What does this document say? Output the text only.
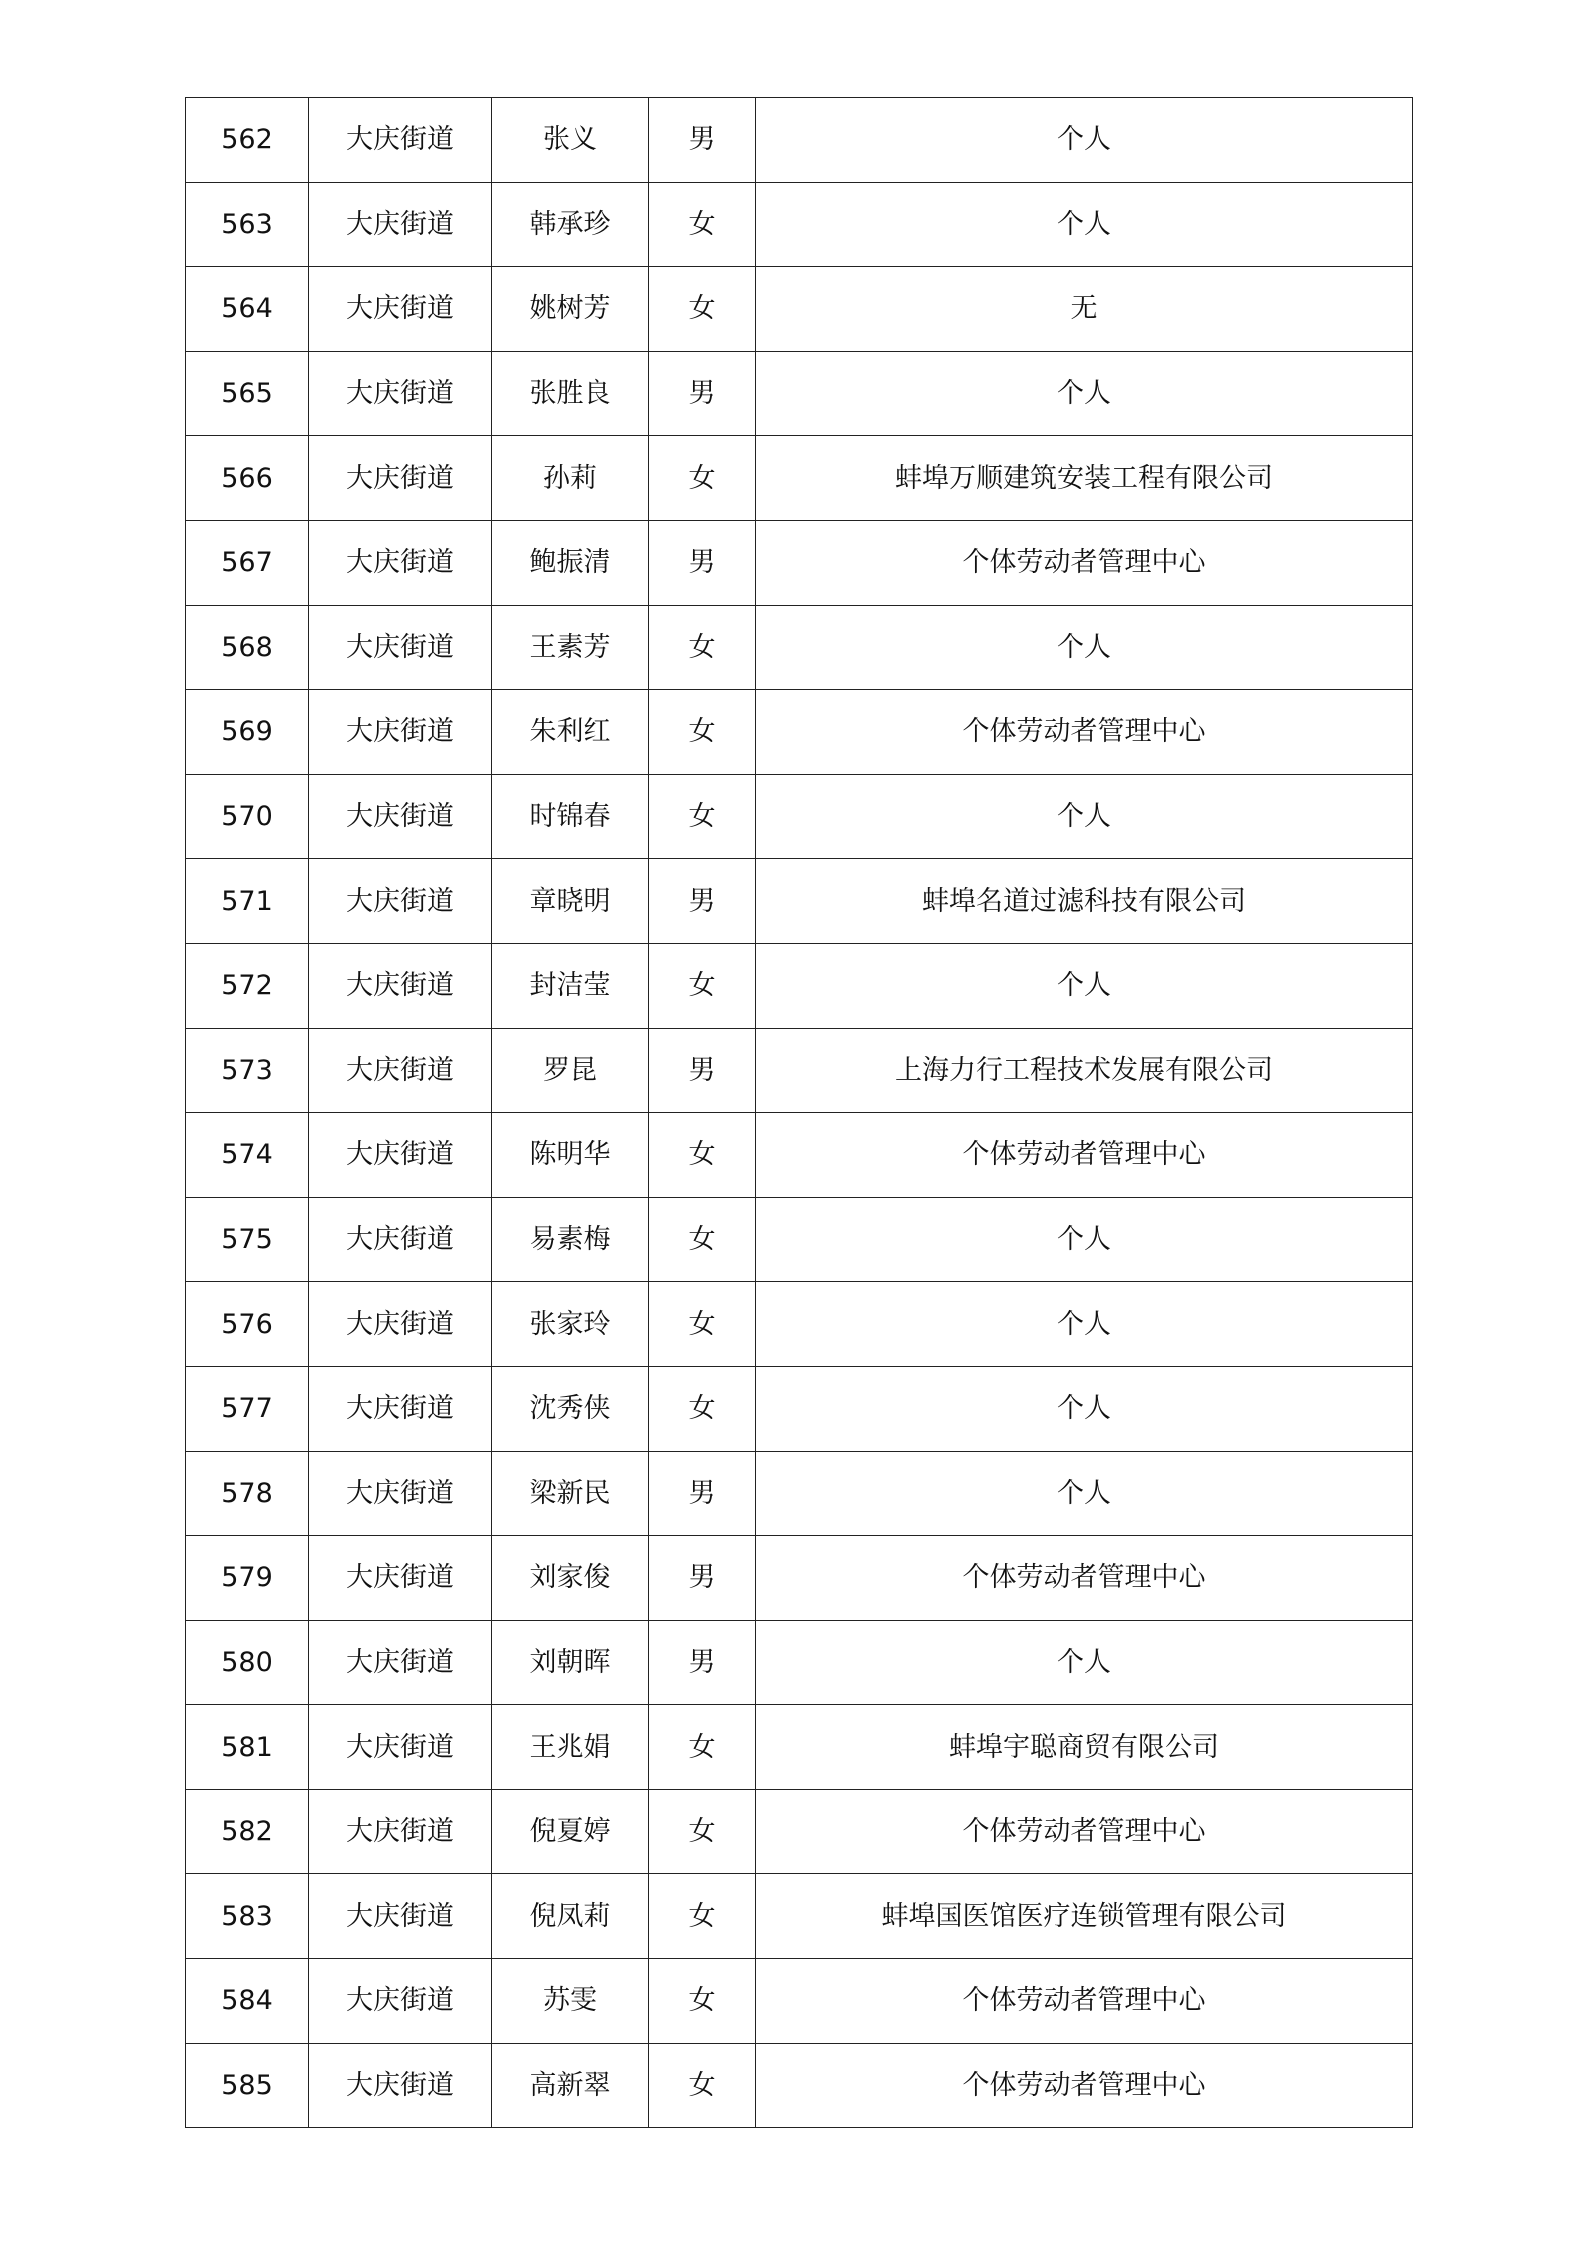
562	大庆街道	张义	男	个人
563	大庆街道	韩承珍	女	个人
564	大庆街道	姚树芳	女	无
565	大庆街道	张胜良	男	个人
566	大庆街道	孙莉	女	蚌埠万顺建筑安装工程有限公司
567	大庆街道	鲍振清	男	个体劳动者管理中心
568	大庆街道	王素芳	女	个人
569	大庆街道	朱利红	女	个体劳动者管理中心
570	大庆街道	时锦春	女	个人
571	大庆街道	章晓明	男	蚌埠名道过滤科技有限公司
572	大庆街道	封洁莹	女	个人
573	大庆街道	罗昆	男	上海力行工程技术发展有限公司
574	大庆街道	陈明华	女	个体劳动者管理中心
575	大庆街道	易素梅	女	个人
576	大庆街道	张家玲	女	个人
577	大庆街道	沈秀侠	女	个人
578	大庆街道	梁新民	男	个人
579	大庆街道	刘家俊	男	个体劳动者管理中心
580	大庆街道	刘朝晖	男	个人
581	大庆街道	王兆娟	女	蚌埠宇聪商贸有限公司
582	大庆街道	倪夏婷	女	个体劳动者管理中心
583	大庆街道	倪凤莉	女	蚌埠国医馆医疗连锁管理有限公司
584	大庆街道	苏雯	女	个体劳动者管理中心
585	大庆街道	高新翠	女	个体劳动者管理中心
